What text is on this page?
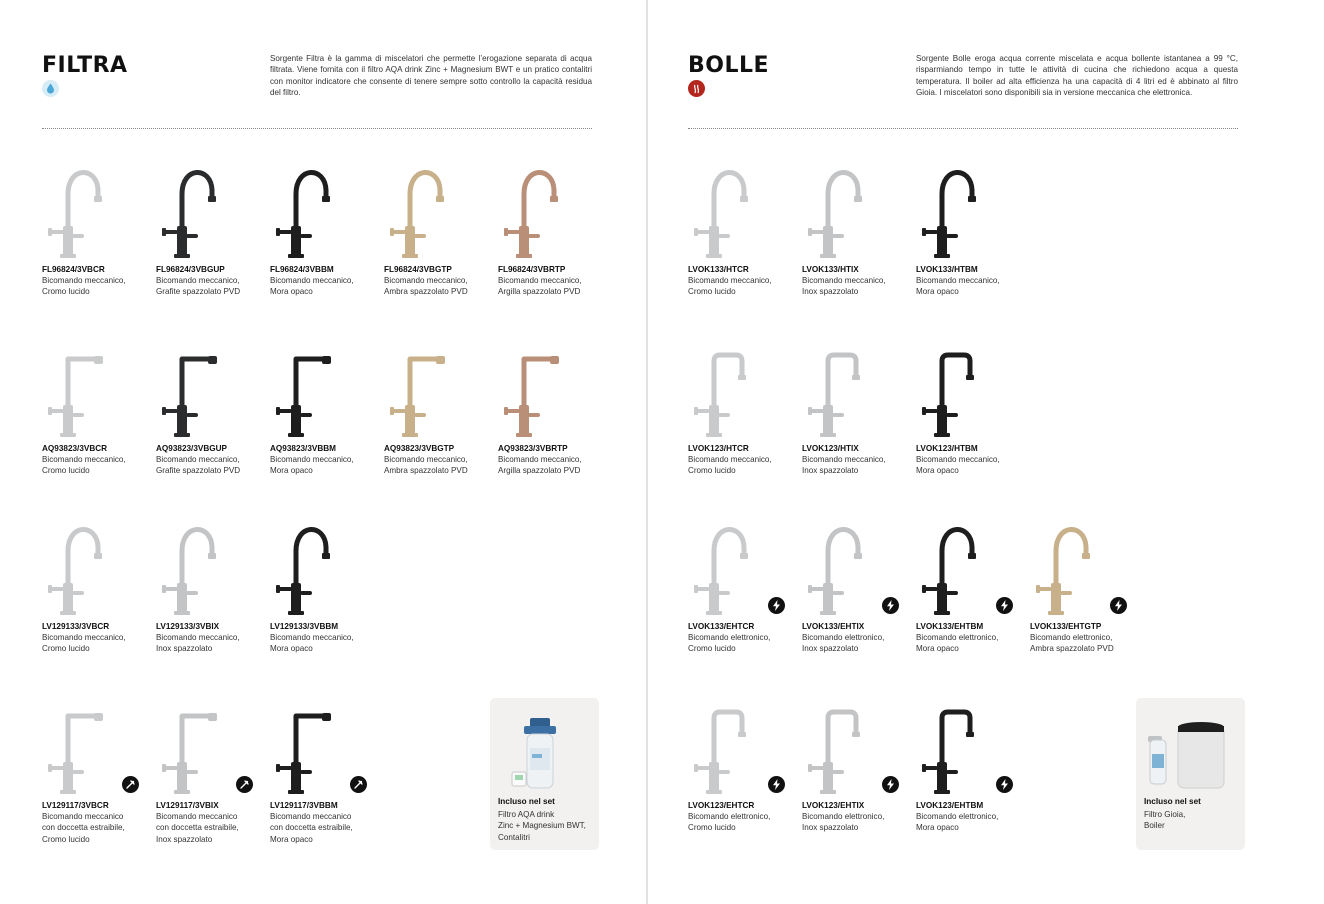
FILTRA	Sorgente Filtra è la gamma di miscelatori che permette l’erogazione separata di acqua filtrata. Viene fornita con il filtro AQA drink Zinc + Magnesium BWT e un pratico contalitri con monitor indicatore che consente di tenere sempre sotto controllo la capacità residua del filtro.
FL96824/3VBCR
Bicomando meccanico,
Cromo lucido
FL96824/3VBGUP
Bicomando meccanico,
Grafite spazzolato PVD
FL96824/3VBBM
Bicomando meccanico,
Mora opaco
FL96824/3VBGTP
Bicomando meccanico,
Ambra spazzolato PVD
FL96824/3VBRTP
Bicomando meccanico,
Argilla spazzolato PVD
AQ93823/3VBCR
Bicomando meccanico,
Cromo lucido
AQ93823/3VBGUP
Bicomando meccanico,
Grafite spazzolato PVD
AQ93823/3VBBM
Bicomando meccanico,
Mora opaco
AQ93823/3VBGTP
Bicomando meccanico,
Ambra spazzolato PVD
AQ93823/3VBRTP
Bicomando meccanico,
Argilla spazzolato PVD
LV129133/3VBCR
Bicomando meccanico,
Cromo lucido
LV129133/3VBIX
Bicomando meccanico,
Inox spazzolato
LV129133/3VBBM
Bicomando meccanico,
Mora opaco
LV129117/3VBCR
Bicomando meccanico
con doccetta estraibile,
Cromo lucido
LV129117/3VBIX
Bicomando meccanico
con doccetta estraibile,
Inox spazzolato
LV129117/3VBBM
Bicomando meccanico
con doccetta estraibile,
Mora opaco
Incluso nel set
Filtro AQA drink
Zinc + Magnesium BWT,
Contalitri
BOLLE	Sorgente Bolle eroga acqua corrente miscelata e acqua bollente istantanea a 99 °C, risparmiando tempo in tutte le attività di cucina che richiedono acqua a questa temperatura. Il boiler ad alta efficienza ha una capacità di 4 litri ed è abbinato al filtro Gioia. I miscelatori sono disponibili sia in versione meccanica che elettronica.
LVOK133/HTCR
Bicomando meccanico,
Cromo lucido
LVOK133/HTIX
Bicomando meccanico,
Inox spazzolato
LVOK133/HTBM
Bicomando meccanico,
Mora opaco
LVOK123/HTCR
Bicomando meccanico,
Cromo lucido
LVOK123/HTIX
Bicomando meccanico,
Inox spazzolato
LVOK123/HTBM
Bicomando meccanico,
Mora opaco
LVOK133/EHTCR
Bicomando elettronico,
Cromo lucido
LVOK133/EHTIX
Bicomando elettronico,
Inox spazzolato
LVOK133/EHTBM
Bicomando elettronico,
Mora opaco
LVOK133/EHTGTP
Bicomando elettronico,
Ambra spazzolato PVD
LVOK123/EHTCR
Bicomando elettronico,
Cromo lucido
LVOK123/EHTIX
Bicomando elettronico,
Inox spazzolato
LVOK123/EHTBM
Bicomando elettronico,
Mora opaco
Incluso nel set
Filtro Gioia,
Boiler
